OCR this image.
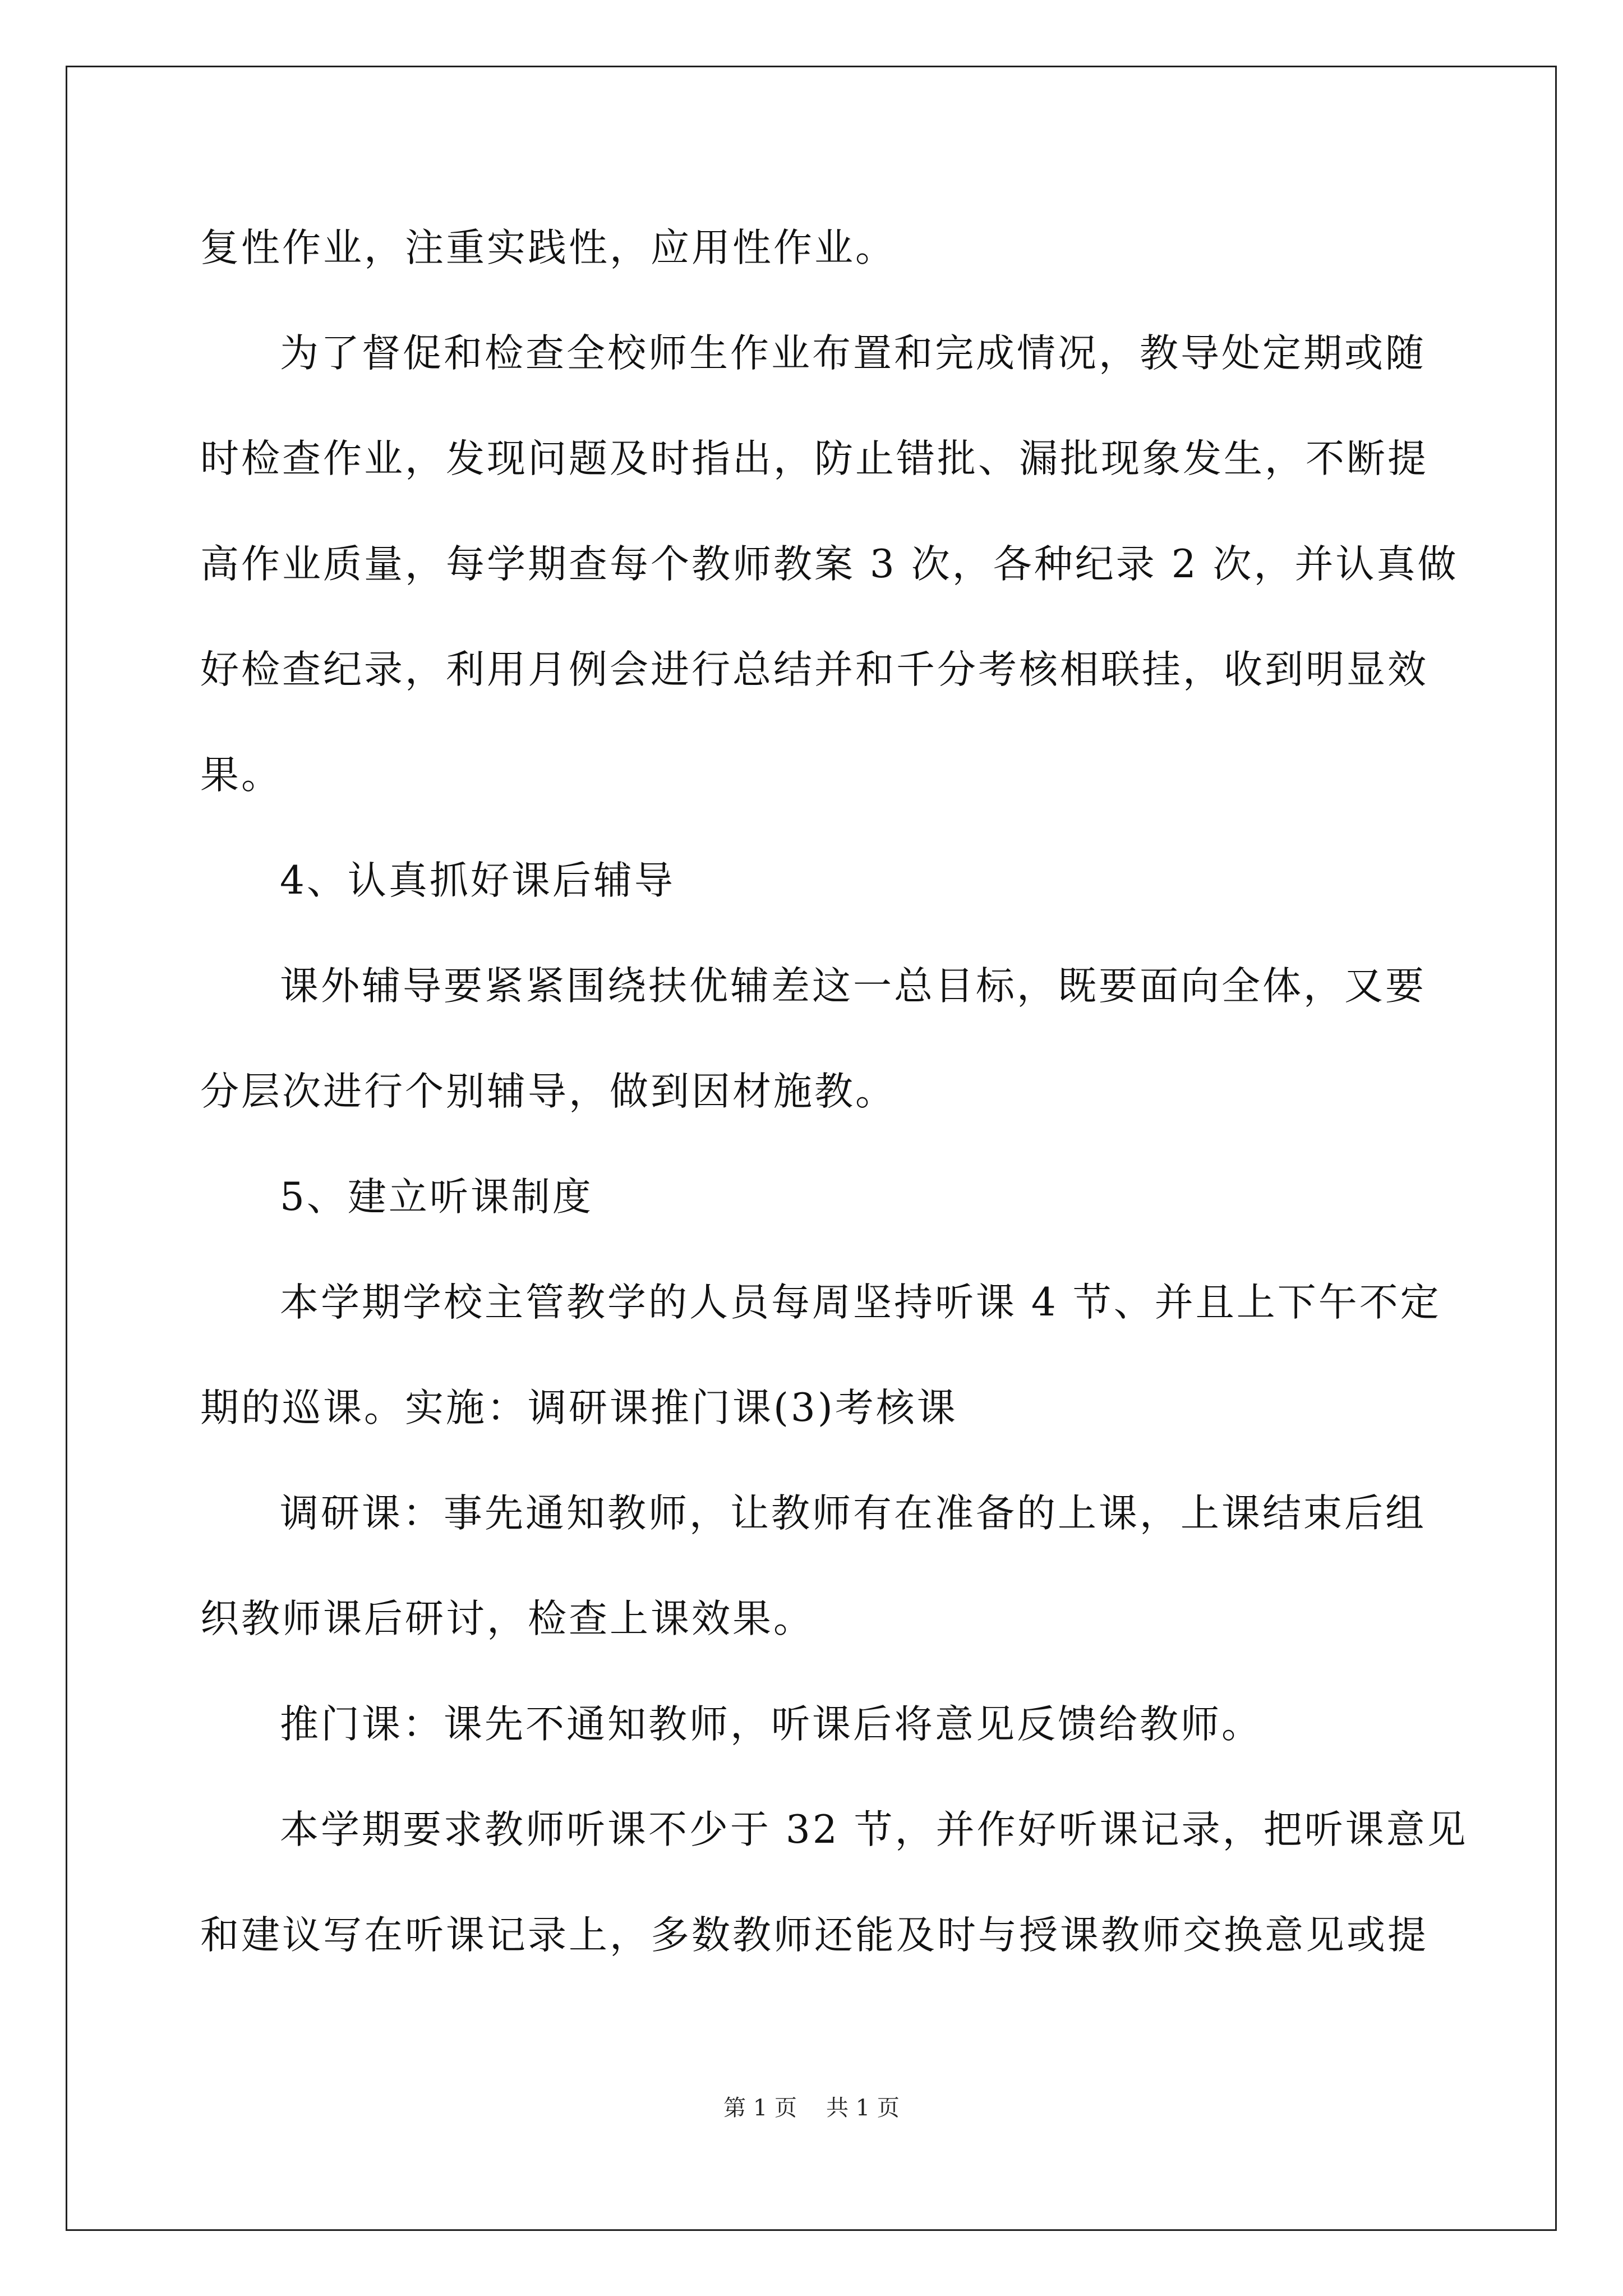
复性作业，注重实践性，应用性作业。
为了督促和检查全校师生作业布置和完成情况，教导处定期或随
时检查作业，发现问题及时指出，防止错批、漏批现象发生，不断提
高作业质量，每学期查每个教师教案 3 次，各种纪录 2 次，并认真做
好检查纪录，利用月例会进行总结并和千分考核相联挂，收到明显效
果。
4、认真抓好课后辅导
课外辅导要紧紧围绕扶优辅差这一总目标，既要面向全体，又要
分层次进行个别辅导，做到因材施教。
5、建立听课制度
本学期学校主管教学的人员每周坚持听课 4 节、并且上下午不定
期的巡课。实施：调研课推门课(3)考核课
调研课：事先通知教师，让教师有在准备的上课，上课结束后组
织教师课后研讨，检查上课效果。
推门课：课先不通知教师，听课后将意见反馈给教师。
本学期要求教师听课不少于 32 节，并作好听课记录，把听课意见
和建议写在听课记录上，多数教师还能及时与授课教师交换意见或提
第 1 页 共 1 页
